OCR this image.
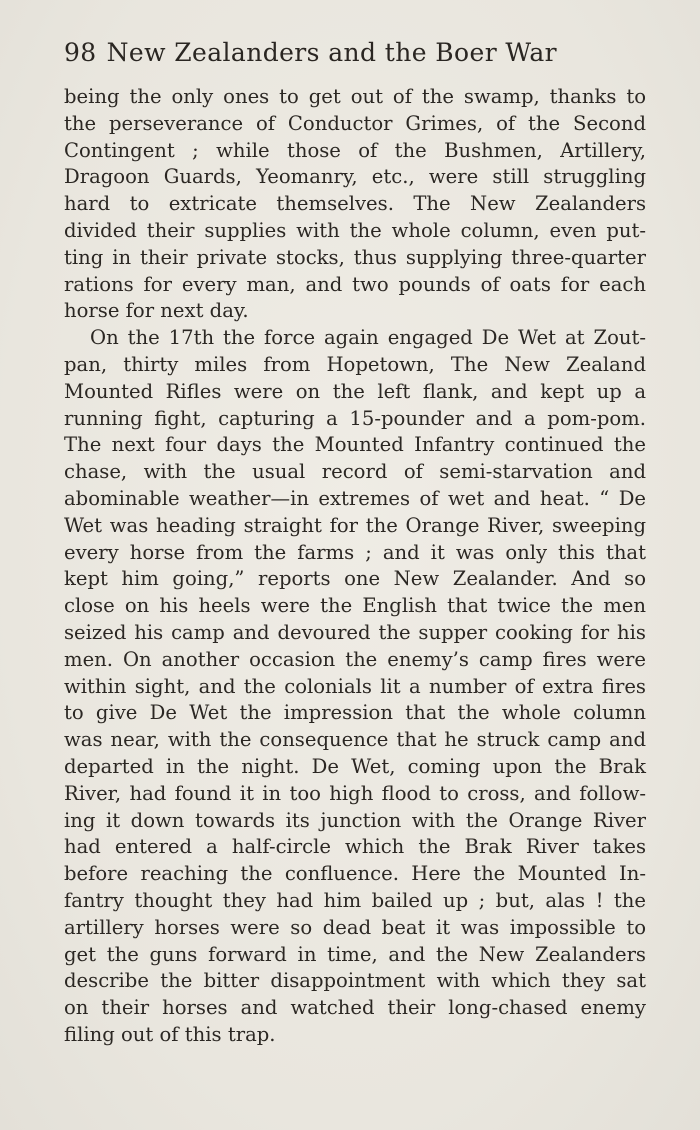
98 New Zealanders and the Boer War
being the only ones to get out of the swamp, thanks to
the perseverance of Conductor Grimes, of the Second
Contingent ; while those of the Bushmen, Artillery,
Dragoon Guards, Yeomanry, etc., were still struggling
hard to extricate themselves. The New Zealanders
divided their supplies with the whole column, even put-
ting in their private stocks, thus supplying three-quarter
rations for every man, and two pounds of oats for each
horse for next day.
On the 17th the force again engaged De Wet at Zout-
pan, thirty miles from Hopetown, The New Zealand
Mounted Rifles were on the left flank, and kept up a
running fight, capturing a 15-pounder and a pom-pom.
The next four days the Mounted Infantry continued the
chase, with the usual record of semi-starvation and
abominable weather—in extremes of wet and heat. “ De
Wet was heading straight for the Orange River, sweeping
every horse from the farms ; and it was only this that
kept him going,” reports one New Zealander. And so
close on his heels were the English that twice the men
seized his camp and devoured the supper cooking for his
men. On another occasion the enemy’s camp fires were
within sight, and the colonials lit a number of extra fires
to give De Wet the impression that the whole column
was near, with the consequence that he struck camp and
departed in the night. De Wet, coming upon the Brak
River, had found it in too high flood to cross, and follow-
ing it down towards its junction with the Orange River
had entered a half-circle which the Brak River takes
before reaching the confluence. Here the Mounted In-
fantry thought they had him bailed up ; but, alas ! the
artillery horses were so dead beat it was impossible to
get the guns forward in time, and the New Zealanders
describe the bitter disappointment with which they sat
on their horses and watched their long-chased enemy
filing out of this trap.
